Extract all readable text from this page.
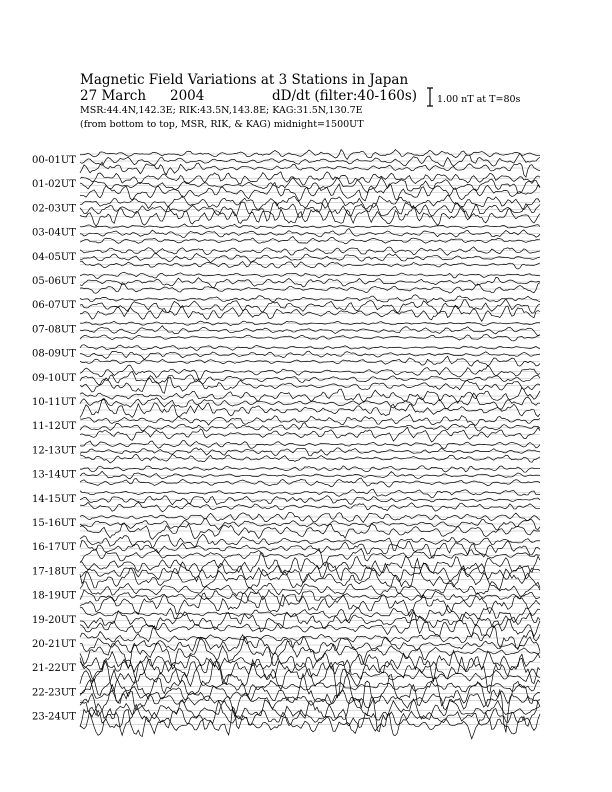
Magnetic Field Variations at 3 Stations in Japan
27 March 2004	dD/dt (filter:40-160s)
MSR:44.4N,142.3E; RIK:43.5N,143.8E; KAG:31.5N,130.7E
(from bottom to top, MSR, RIK, & KAG) midnight=1500UT
1.00 nT at T=80s
00-01UT
01-02UT
02-03UT
03-04UT
04-05UT
05-06UT
06-07UT
07-08UT
08-09UT
09-10UT
10-11UT
11-12UT
12-13UT
13-14UT
14-15UT
15-16UT
16-17UT
17-18UT
18-19UT
19-20UT
20-21UT
21-22UT
22-23UT
23-24UT
